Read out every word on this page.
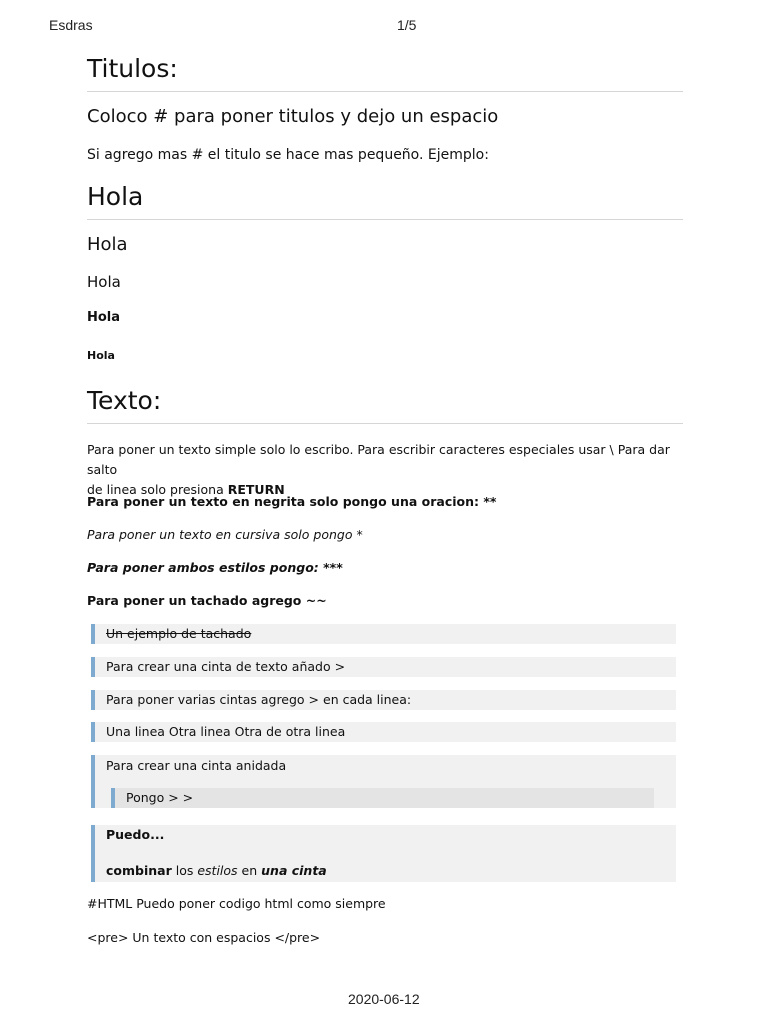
Esdras	1/5
Titulos:
Coloco # para poner titulos y dejo un espacio
Si agrego mas # el titulo se hace mas pequeño. Ejemplo:
Hola
Hola
Hola
Hola
Hola
Texto:
Para poner un texto simple solo lo escribo. Para escribir caracteres especiales usar \ Para dar salto
de linea solo presiona RETURN
Para poner un texto en negrita solo pongo una oracion: **
Para poner un texto en cursiva solo pongo *
Para poner ambos estilos pongo: ***
Para poner un tachado agrego ~~
Un ejemplo de tachado
Para crear una cinta de texto añado >
Para poner varias cintas agrego > en cada linea:
Una linea Otra linea Otra de otra linea
Para crear una cinta anidada
Pongo > >
Puedo...
combinar los estilos en una cinta
#HTML Puedo poner codigo html como siempre
<pre> Un texto con espacios </pre>
2020-06-12
